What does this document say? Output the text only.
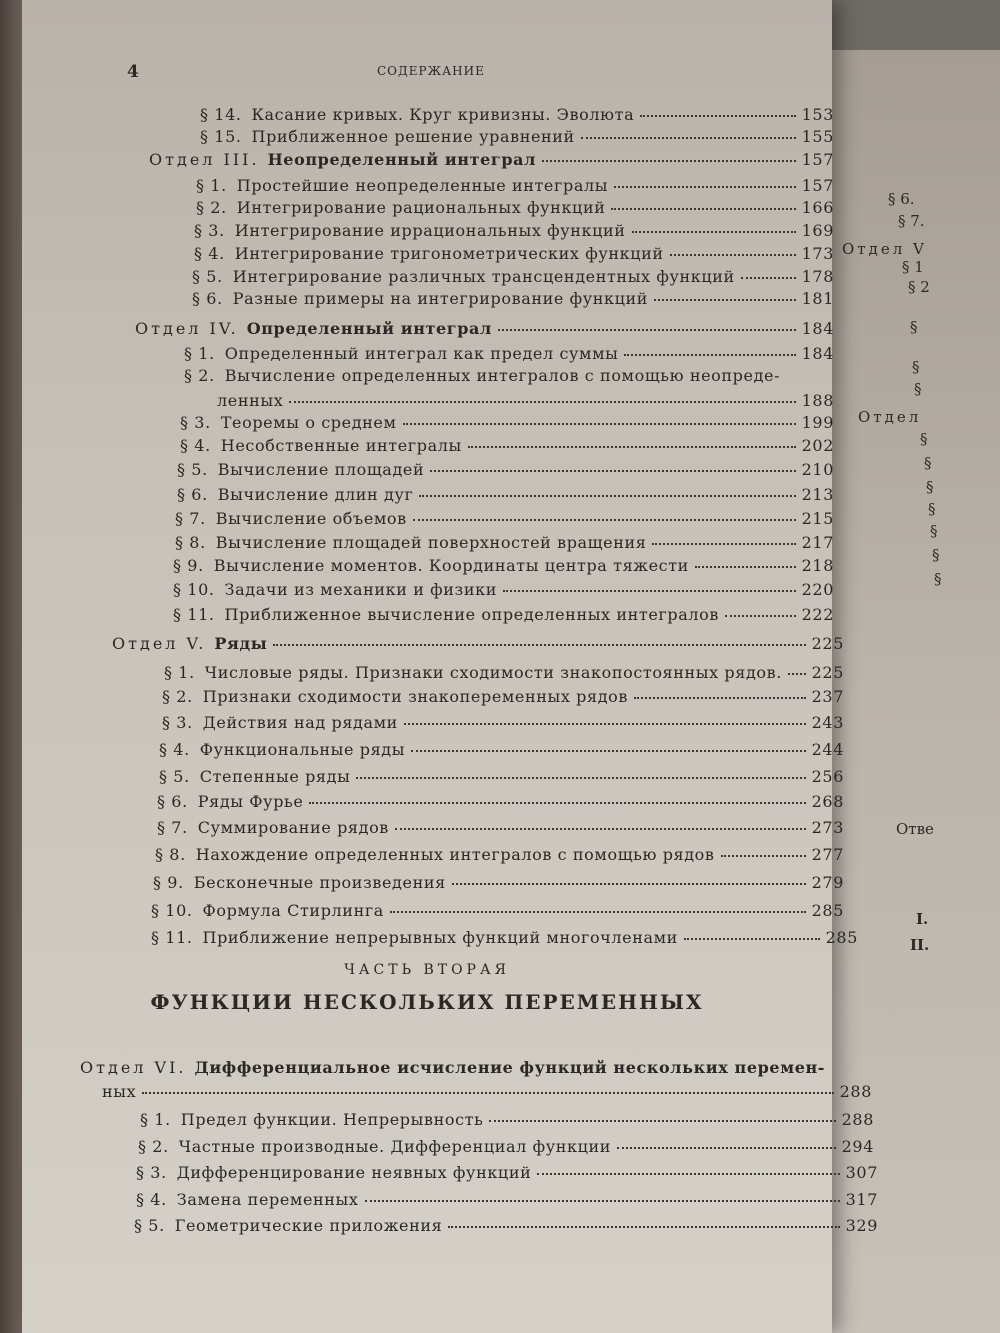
§ 6.
§ 7.
Отдел V
§ 1
§ 2
§
§
§
Отдел
§
§
§
§
§
§
§
Отве
I.
II.
4	СОДЕРЖАНИЕ
§ 14. Касание кривых. Круг кривизны. Эволюта	153
§ 15. Приближенное решение уравнений	155
Отдел III. Неопределенный интеграл	157
§ 1. Простейшие неопределенные интегралы	157
§ 2. Интегрирование рациональных функций	166
§ 3. Интегрирование иррациональных функций	169
§ 4. Интегрирование тригонометрических функций	173
§ 5. Интегрирование различных трансцендентных функций	178
§ 6. Разные примеры на интегрирование функций	181
Отдел IV. Определенный интеграл	184
§ 1. Определенный интеграл как предел суммы	184
§ 2. Вычисление определенных интегралов с помощью неопреде-
ленных	188
§ 3. Теоремы о среднем	199
§ 4. Несобственные интегралы	202
§ 5. Вычисление площадей	210
§ 6. Вычисление длин дуг	213
§ 7. Вычисление объемов	215
§ 8. Вычисление площадей поверхностей вращения	217
§ 9. Вычисление моментов. Координаты центра тяжести	218
§ 10. Задачи из механики и физики	220
§ 11. Приближенное вычисление определенных интегралов	222
Отдел V. Ряды	225
§ 1. Числовые ряды. Признаки сходимости знакопостоянных рядов. 225
§ 2. Признаки сходимости знакопеременных рядов	237
§ 3. Действия над рядами	243
§ 4. Функциональные ряды	244
§ 5. Степенные ряды	256
§ 6. Ряды Фурье	268
§ 7. Суммирование рядов	273
§ 8. Нахождение определенных интегралов с помощью рядов	277
§ 9. Бесконечные произведения	279
§ 10. Формула Стирлинга	285
§ 11. Приближение непрерывных функций многочленами	285
Отдел VI. Дифференциальное исчисление функций нескольких перемен-
ных	288
§ 1. Предел функции. Непрерывность	288
§ 2. Частные производные. Дифференциал функции	294
§ 3. Дифференцирование неявных функций	307
§ 4. Замена переменных	317
§ 5. Геометрические приложения	329
ЧАСТЬ ВТОРАЯ
ФУНКЦИИ НЕСКОЛЬКИХ ПЕРЕМЕННЫХ
